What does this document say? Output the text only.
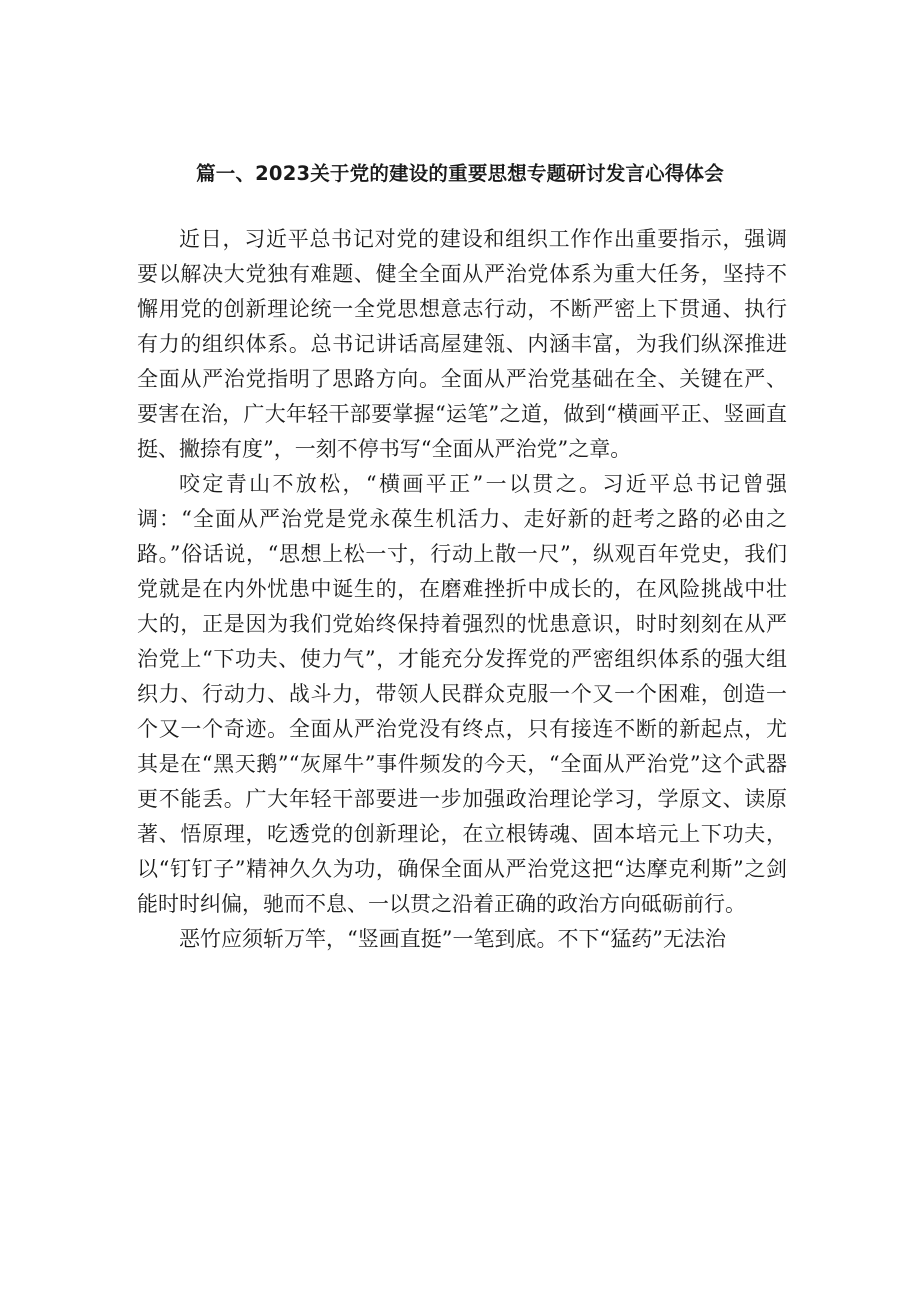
篇一、2023关于党的建设的重要思想专题研讨发言心得体会

近日，习近平总书记对党的建设和组织工作作出重要指示，强调要以解决大党独有难题、健全全面从严治党体系为重大任务，坚持不懈用党的创新理论统一全党思想意志行动，不断严密上下贯通、执行有力的组织体系。总书记讲话高屋建瓴、内涵丰富，为我们纵深推进全面从严治党指明了思路方向。全面从严治党基础在全、关键在严、要害在治，广大年轻干部要掌握“运笔”之道，做到“横画平正、竖画直挺、撇捺有度”，一刻不停书写“全面从严治党”之章。

咬定青山不放松，“横画平正”一以贯之。习近平总书记曾强调：“全面从严治党是党永葆生机活力、走好新的赶考之路的必由之路。”俗话说，“思想上松一寸，行动上散一尺”，纵观百年党史，我们党就是在内外忧患中诞生的，在磨难挫折中成长的，在风险挑战中壮大的，正是因为我们党始终保持着强烈的忧患意识，时时刻刻在从严治党上“下功夫、使力气”，才能充分发挥党的严密组织体系的强大组织力、行动力、战斗力，带领人民群众克服一个又一个困难，创造一个又一个奇迹。全面从严治党没有终点，只有接连不断的新起点，尤其是在“黑天鹅”“灰犀牛”事件频发的今天，“全面从严治党”这个武器更不能丢。广大年轻干部要进一步加强政治理论学习，学原文、读原著、悟原理，吃透党的创新理论，在立根铸魂、固本培元上下功夫，以“钉钉子”精神久久为功，确保全面从严治党这把“达摩克利斯”之剑能时时纠偏，驰而不息、一以贯之沿着正确的政治方向砥砺前行。

恶竹应须斩万竿，“竖画直挺”一笔到底。不下“猛药”无法治
